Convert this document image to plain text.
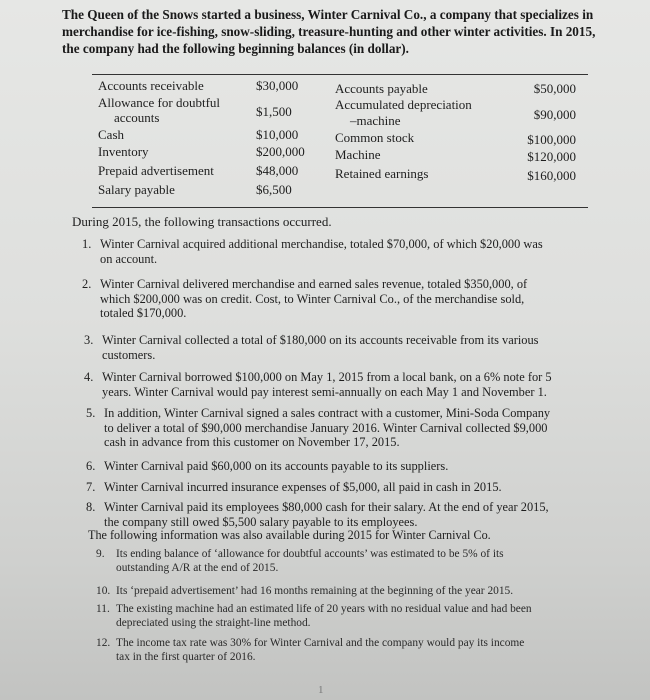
The Queen of the Snows started a business, Winter Carnival Co., a company that specializes in
merchandise for ice-fishing, snow-sliding, treasure-hunting and other winter activities. In 2015,
the company had the following beginning balances (in dollar).
Accounts receivable
Allowance for doubtful
accounts
Cash
Inventory
Prepaid advertisement
Salary payable
$30,000
$1,500
$10,000
$200,000
$48,000
$6,500
Accounts payable
Accumulated depreciation
–machine
Common stock
Machine
Retained earnings
$50,000
$90,000
$100,000
$120,000
$160,000
During 2015, the following transactions occurred.
1. Winter Carnival acquired additional merchandise, totaled $70,000, of which $20,000 was
on account.
2. Winter Carnival delivered merchandise and earned sales revenue, totaled $350,000, of
which $200,000 was on credit. Cost, to Winter Carnival Co., of the merchandise sold,
totaled $170,000.
3. Winter Carnival collected a total of $180,000 on its accounts receivable from its various
customers.
4. Winter Carnival borrowed $100,000 on May 1, 2015 from a local bank, on a 6% note for 5
years. Winter Carnival would pay interest semi-annually on each May 1 and November 1.
5. In addition, Winter Carnival signed a sales contract with a customer, Mini-Soda Company
to deliver a total of $90,000 merchandise January 2016. Winter Carnival collected $9,000
cash in advance from this customer on November 17, 2015.
6. Winter Carnival paid $60,000 on its accounts payable to its suppliers.
7. Winter Carnival incurred insurance expenses of $5,000, all paid in cash in 2015.
8. Winter Carnival paid its employees $80,000 cash for their salary. At the end of year 2015,
the company still owed $5,500 salary payable to its employees.
The following information was also available during 2015 for Winter Carnival Co.
9. Its ending balance of ‘allowance for doubtful accounts’ was estimated to be 5% of its
outstanding A/R at the end of 2015.
10. Its ‘prepaid advertisement’ had 16 months remaining at the beginning of the year 2015.
11. The existing machine had an estimated life of 20 years with no residual value and had been
depreciated using the straight-line method.
12. The income tax rate was 30% for Winter Carnival and the company would pay its income
tax in the first quarter of 2016.
1
